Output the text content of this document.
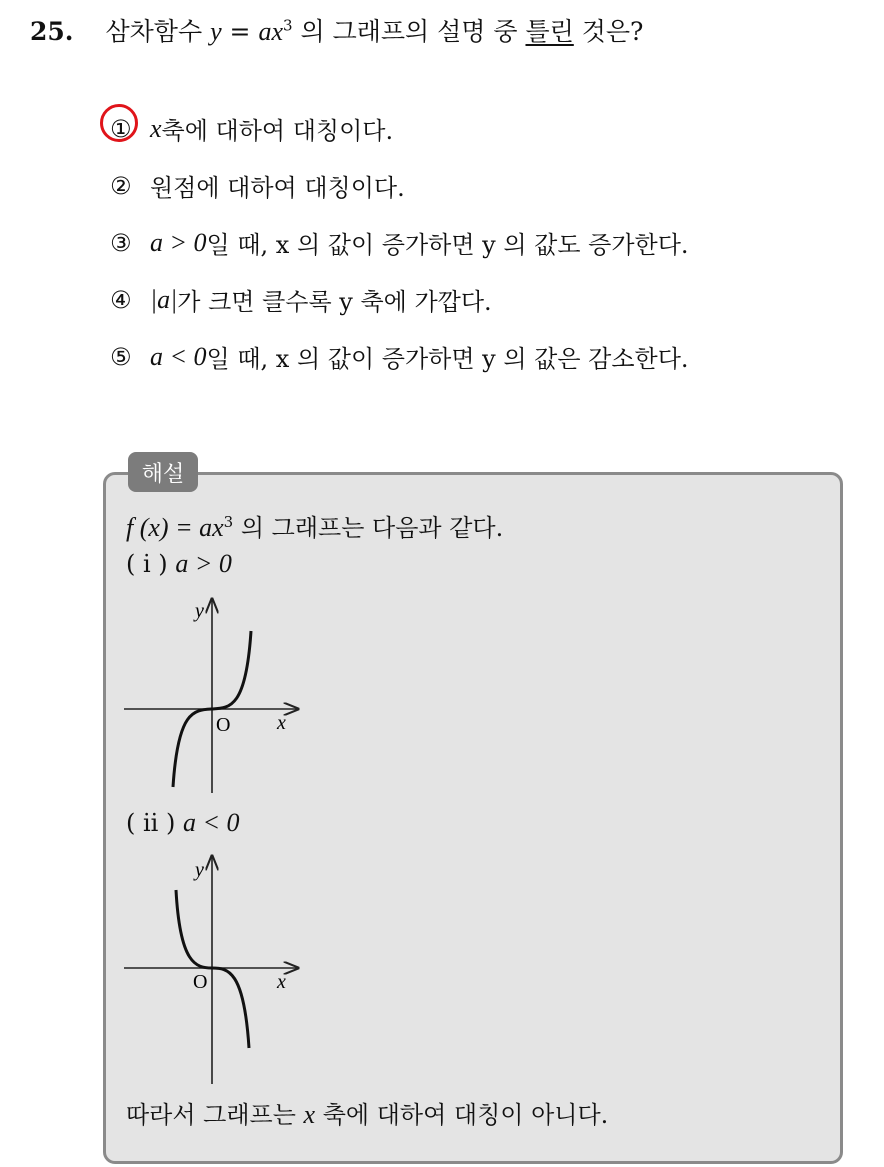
25. 삼차함수 $y = ax^3$ 의 그래프의 설명 중 틀린 것은?
① x 축에 대하여 대칭이다.
② 원점에 대하여 대칭이다.
③ a > 0 일 때, x 의 값이 증가하면 y 의 값도 증가한다.
④ |a| 가 크면 클수록 y 축에 가깝다.
⑤ a < 0 일 때, x 의 값이 증가하면 y 의 값은 감소한다.
해설
f $(x) = ax^3$ 의 그래프는 다음과 같다.
( i ) a > 0
y
x
O
( ii ) a < 0
y
x
O
따라서 그래프는 x 축에 대하여 대칭이 아니다.
